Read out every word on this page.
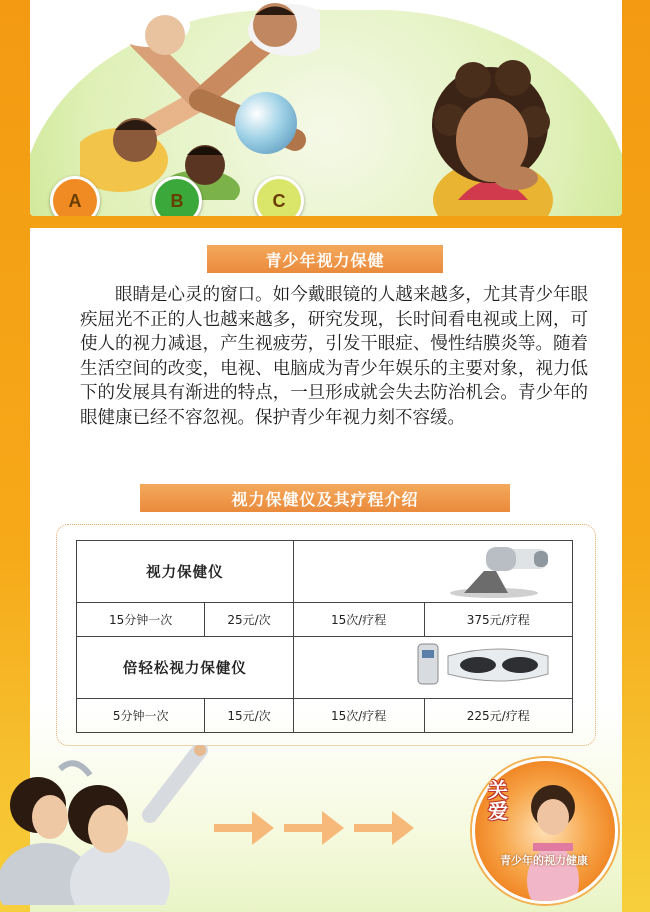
A	B	C
青少年视力保健

眼睛是心灵的窗口。如今戴眼镜的人越来越多，尤其青少年眼疾屈光不正的人也越来越多，研究发现，长时间看电视或上网，可使人的视力减退，产生视疲劳，引发干眼症、慢性结膜炎等。随着生活空间的改变，电视、电脑成为青少年娱乐的主要对象，视力低下的发展具有渐进的特点，一旦形成就会失去防治机会。青少年的眼健康已经不容忽视。保护青少年视力刻不容缓。

视力保健仪及其疗程介绍
视力保健仪	
15分钟一次	25元/次	15次/疗程	375元/疗程
倍轻松视力保健仪	
5分钟一次	15元/次	15次/疗程	225元/疗程
关爱
青少年的视力健康
